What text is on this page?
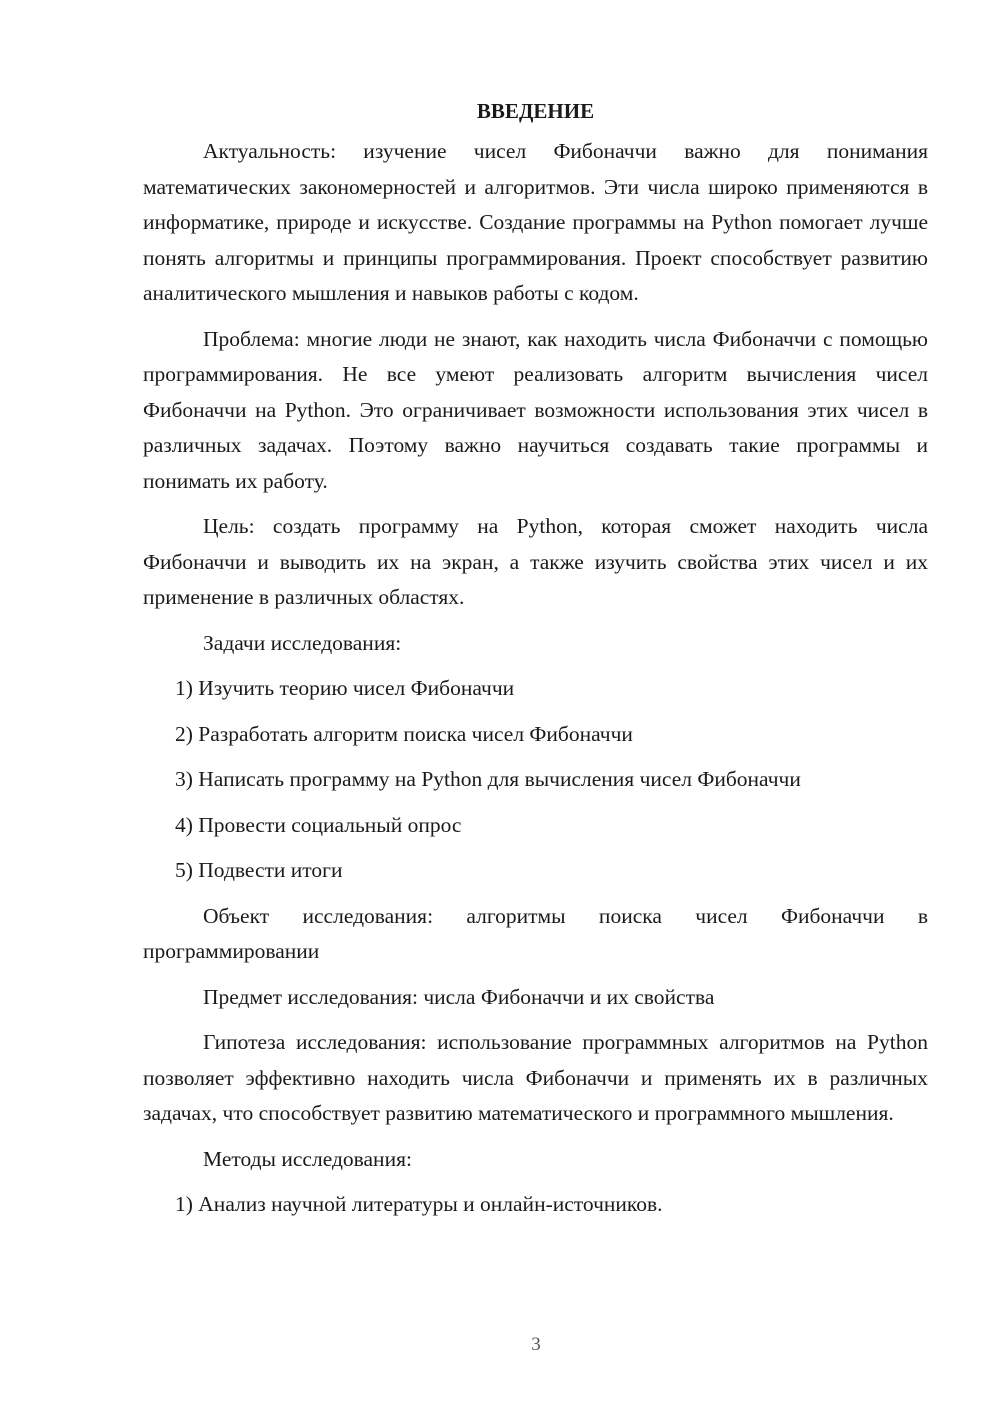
ВВЕДЕНИЕ

Актуальность: изучение чисел Фибоначчи важно для понимания математических закономерностей и алгоритмов. Эти числа широко применяются в информатике, природе и искусстве. Создание программы на Python помогает лучше понять алгоритмы и принципы программирования. Проект способствует развитию аналитического мышления и навыков работы с кодом.

Проблема: многие люди не знают, как находить числа Фибоначчи с помощью программирования. Не все умеют реализовать алгоритм вычисления чисел Фибоначчи на Python. Это ограничивает возможности использования этих чисел в различных задачах. Поэтому важно научиться создавать такие программы и понимать их работу.

Цель: создать программу на Python, которая сможет находить числа Фибоначчи и выводить их на экран, а также изучить свойства этих чисел и их применение в различных областях.

Задачи исследования:

1) Изучить теорию чисел Фибоначчи
2) Разработать алгоритм поиска чисел Фибоначчи
3) Написать программу на Python для вычисления чисел Фибоначчи
4) Провести социальный опрос
5) Подвести итоги

Объект исследования: алгоритмы поиска чисел Фибоначчи в программировании

Предмет исследования: числа Фибоначчи и их свойства

Гипотеза исследования: использование программных алгоритмов на Python позволяет эффективно находить числа Фибоначчи и применять их в различных задачах, что способствует развитию математического и программного мышления.

Методы исследования:

1) Анализ научной литературы и онлайн-источников.
3
